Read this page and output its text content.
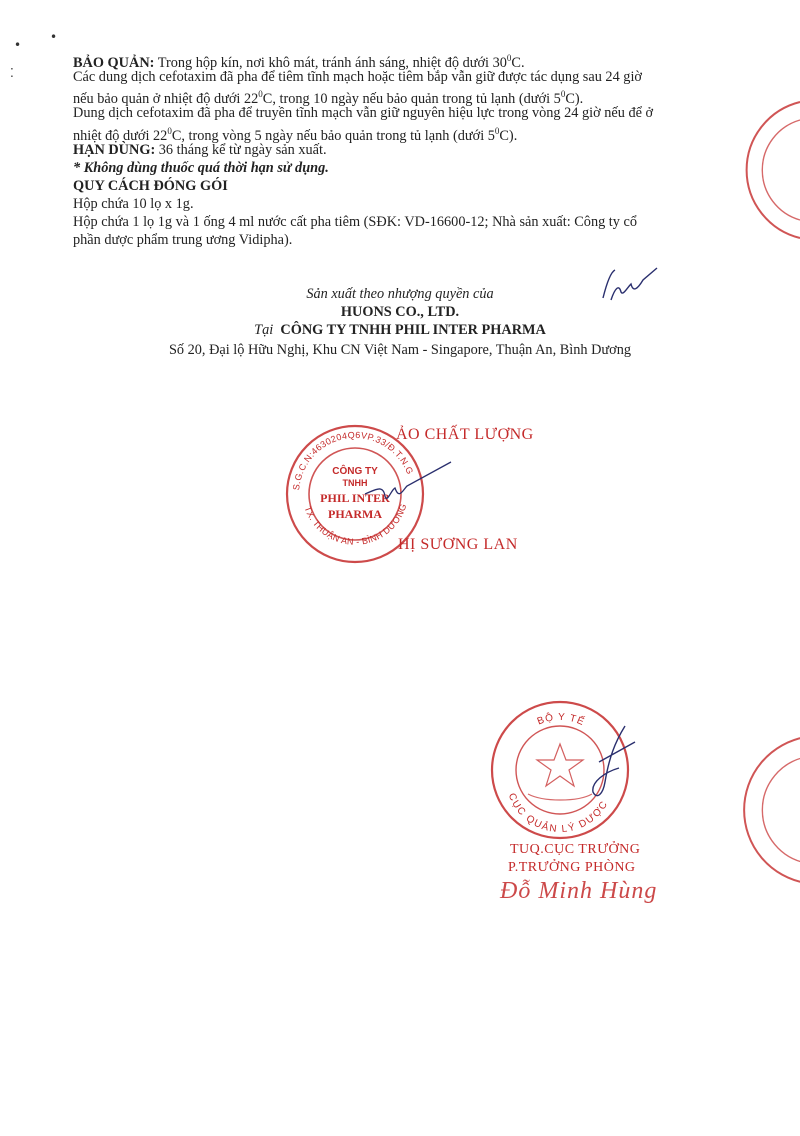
•
•
⁚
BẢO QUẢN: Trong hộp kín, nơi khô mát, tránh ánh sáng, nhiệt độ dưới $30^0C$.
Các dung dịch cefotaxim đã pha để tiêm tĩnh mạch hoặc tiêm bắp vẫn giữ được tác dụng sau 24 giờ
nếu bảo quản ở nhiệt độ dưới $22^0C$, trong 10 ngày nếu bảo quản trong tủ lạnh (dưới $5^0C$).
Dung dịch cefotaxim đã pha để truyền tĩnh mạch vẫn giữ nguyên hiệu lực trong vòng 24 giờ nếu để ở
nhiệt độ dưới $22^0C$, trong vòng 5 ngày nếu bảo quản trong tủ lạnh (dưới $5^0C$).
HẠN DÙNG: 36 tháng kể từ ngày sản xuất.
* Không dùng thuốc quá thời hạn sử dụng.
QUY CÁCH ĐÓNG GÓI
Hộp chứa 10 lọ x 1g.
Hộp chứa 1 lọ 1g và 1 ống 4 ml nước cất pha tiêm (SĐK: VD-16600-12; Nhà sản xuất: Công ty cổ
phần dược phẩm trung ương Vidipha).
Sản xuất theo nhượng quyền của
HUONS CO., LTD.
Tại CÔNG TY TNHH PHIL INTER PHARMA
Số 20, Đại lộ Hữu Nghị, Khu CN Việt Nam - Singapore, Thuận An, Bình Dương
S.G.C.N:4630204Q6VP.33/Đ.T.N.G
TX. THUẬN AN - BÌNH DƯƠNG
CÔNG TY
TNHH
PHIL INTER
PHARMA
ẢO CHẤT LƯỢNG
HỊ SƯƠNG LAN
BỘ Y TẾ
CỤC QUẢN LÝ DƯỢC
TUQ.CỤC TRƯỞNG
P.TRƯỞNG PHÒNG
Đỗ Minh Hùng
